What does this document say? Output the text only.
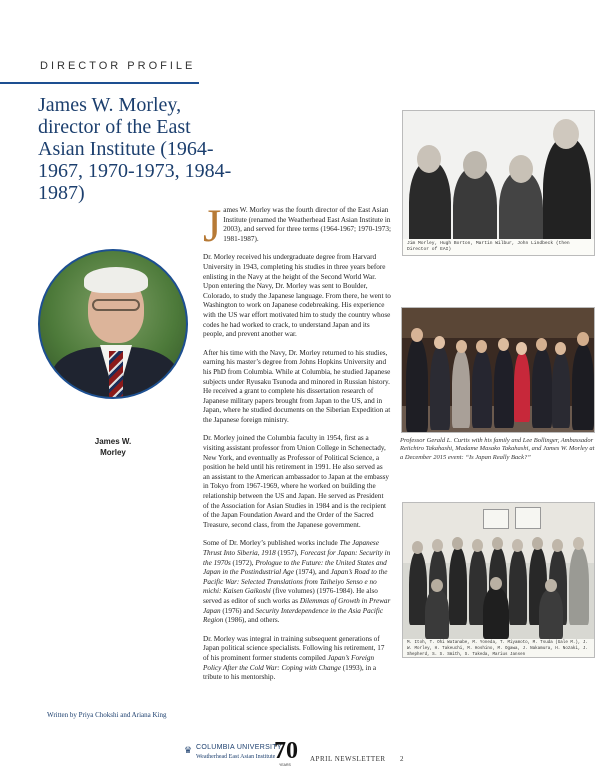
DIRECTOR PROFILE
James W. Morley, director of the East Asian Institute (1964-1967, 1970-1973, 1984-1987)
James W.
Morley

James W. Morley was the fourth director of the East Asian Institute (renamed the Weatherhead East Asian Institute in 2003), and served for three terms (1964-1967; 1970-1973; 1981-1987).

Dr. Morley received his undergraduate degree from Harvard University in 1943, completing his studies in three years before enlisting in the Navy at the height of the Second World War. Upon entering the Navy, Dr. Morley was sent to Boulder, Colorado, to study the Japanese language. From there, he went to Washington to work on Japanese codebreaking. His experience with the US war effort motivated him to study the country whose codes he had worked to crack, to understand Japan and its people, and prevent another war.

After his time with the Navy, Dr. Morley returned to his studies, earning his master’s degree from Johns Hopkins University and his PhD from Columbia. While at Columbia, he studied Japanese subjects under Ryusaku Tsunoda and minored in Russian history. He received a grant to complete his dissertation research of Japanese military papers brought from Japan to the US, and in Japan, where he studied documents on the Siberian Expedition at the Japanese foreign ministry.

Dr. Morley joined the Columbia faculty in 1954, first as a visiting assistant professor from Union College in Schenectady, New York, and eventually as Professor of Political Science, a position he held until his retirement in 1991. He also served as an assistant to the American ambassador to Japan at the embassy in Tokyo from 1967-1969, where he worked on building the relationship between the US and Japan. He served as President of the Association for Asian Studies in 1984 and is the recipient of the Japan Foundation Award and the Order of the Sacred Treasure, second class, from the Japanese government.

Some of Dr. Morley’s published works include The Japanese Thrust Into Siberia, 1918 (1957), Forecast for Japan: Security in the 1970s (1972), Prologue to the Future: the United States and Japan in the Postindustrial Age (1974), and Japan’s Road to the Pacific War: Selected Translations from Taiheiyo Senso e no michi: Kaisen Gaikoshi (five volumes) (1976-1984). He also served as editor of such works as Dilemmas of Growth in Prewar Japan (1976) and Security Interdependence in the Asia Pacific Region (1986), and others.

Dr. Morley was integral in training subsequent generations of Japan political science specialists. Following his retirement, 17 of his prominent former students compiled Japan’s Foreign Policy After the Cold War: Coping with Change (1993), in a tribute to his mentorship.

Jim Morley, Hugh Borton, Martin Wilbur, John Lindbeck (then Director of EAI)
Professor Gerald L. Curtis with his family and Lee Bollinger, Ambassador Reiichiro Takahashi, Madame Masako Takahashi, and James W. Morley at a December 2015 event: “Is Japan Really Back?”
M. Itoh, T. Ohi Watanabe, M. Yoneda, T. Miyamoto, M. Tsuda (Gale M.), J. W. Morley, H. Takeuchi, M. Hoshino, M. Ogawa, J. Nakamura, H. Nozaki, J. Shepherd, S. S. Smith, S. Takeda, Marius Jansen
Written by Priya Chokshi and Ariana King
♛ COLUMBIA UNIVERSITY
Weatherhead East Asian Institute
70
YEARS
APRIL NEWSLETTER 2
